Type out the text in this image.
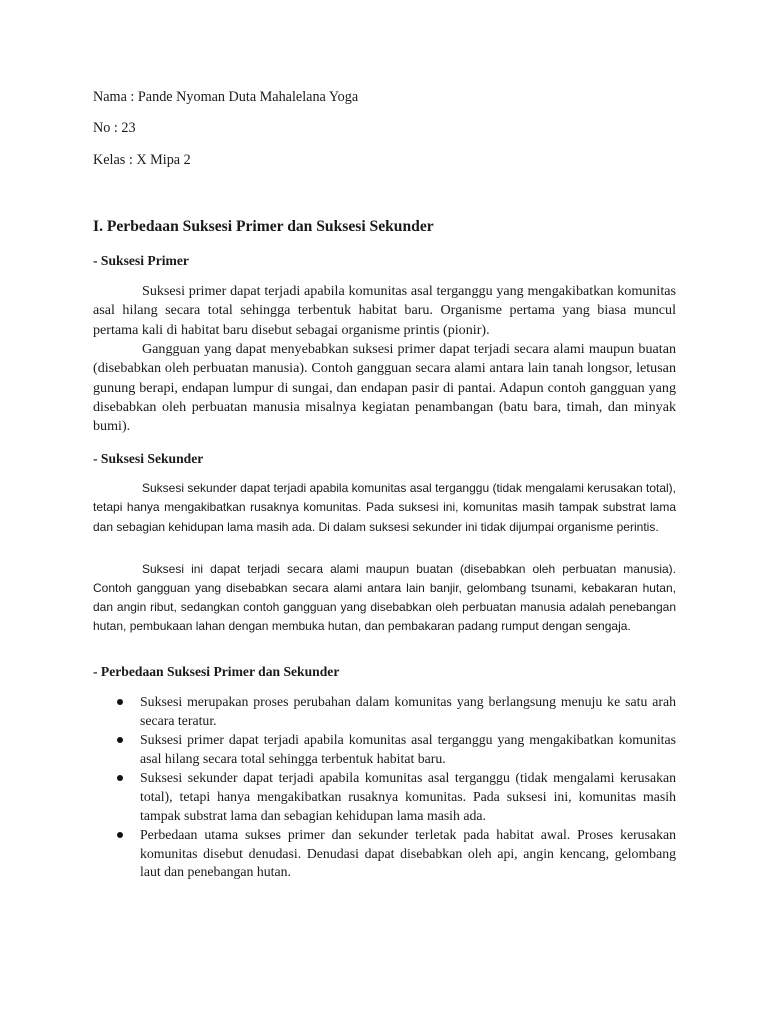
Nama : Pande Nyoman Duta Mahalelana Yoga

No : 23

Kelas : X Mipa 2

I. Perbedaan Suksesi Primer dan Suksesi Sekunder
- Suksesi Primer

Suksesi primer dapat terjadi apabila komunitas asal terganggu yang mengakibatkan komunitas asal hilang secara total sehingga terbentuk habitat baru. Organisme pertama yang biasa muncul pertama kali di habitat baru disebut sebagai organisme printis (pionir).

Gangguan yang dapat menyebabkan suksesi primer dapat terjadi secara alami maupun buatan (disebabkan oleh perbuatan manusia). Contoh gangguan secara alami antara lain tanah longsor, letusan gunung berapi, endapan lumpur di sungai, dan endapan pasir di pantai. Adapun contoh gangguan yang disebabkan oleh perbuatan manusia misalnya kegiatan penambangan (batu bara, timah, dan minyak bumi).

- Suksesi Sekunder

Suksesi sekunder dapat terjadi apabila komunitas asal terganggu (tidak mengalami kerusakan total), tetapi hanya mengakibatkan rusaknya komunitas. Pada suksesi ini, komunitas masih tampak substrat lama dan sebagian kehidupan lama masih ada. Di dalam suksesi sekunder ini tidak dijumpai organisme perintis.

Suksesi ini dapat terjadi secara alami maupun buatan (disebabkan oleh perbuatan manusia). Contoh gangguan yang disebabkan secara alami antara lain banjir, gelombang tsunami, kebakaran hutan, dan angin ribut, sedangkan contoh gangguan yang disebabkan oleh perbuatan manusia adalah penebangan hutan, pembukaan lahan dengan membuka hutan, dan pembakaran padang rumput dengan sengaja.

- Perbedaan Suksesi Primer dan Sekunder
Suksesi merupakan proses perubahan dalam komunitas yang berlangsung menuju ke satu arah secara teratur.
Suksesi primer dapat terjadi apabila komunitas asal terganggu yang mengakibatkan komunitas asal hilang secara total sehingga terbentuk habitat baru.
Suksesi sekunder dapat terjadi apabila komunitas asal terganggu (tidak mengalami kerusakan total), tetapi hanya mengakibatkan rusaknya komunitas. Pada suksesi ini, komunitas masih tampak substrat lama dan sebagian kehidupan lama masih ada.
Perbedaan utama sukses primer dan sekunder terletak pada habitat awal. Proses kerusakan komunitas disebut denudasi. Denudasi dapat disebabkan oleh api, angin kencang, gelombang laut dan penebangan hutan.
